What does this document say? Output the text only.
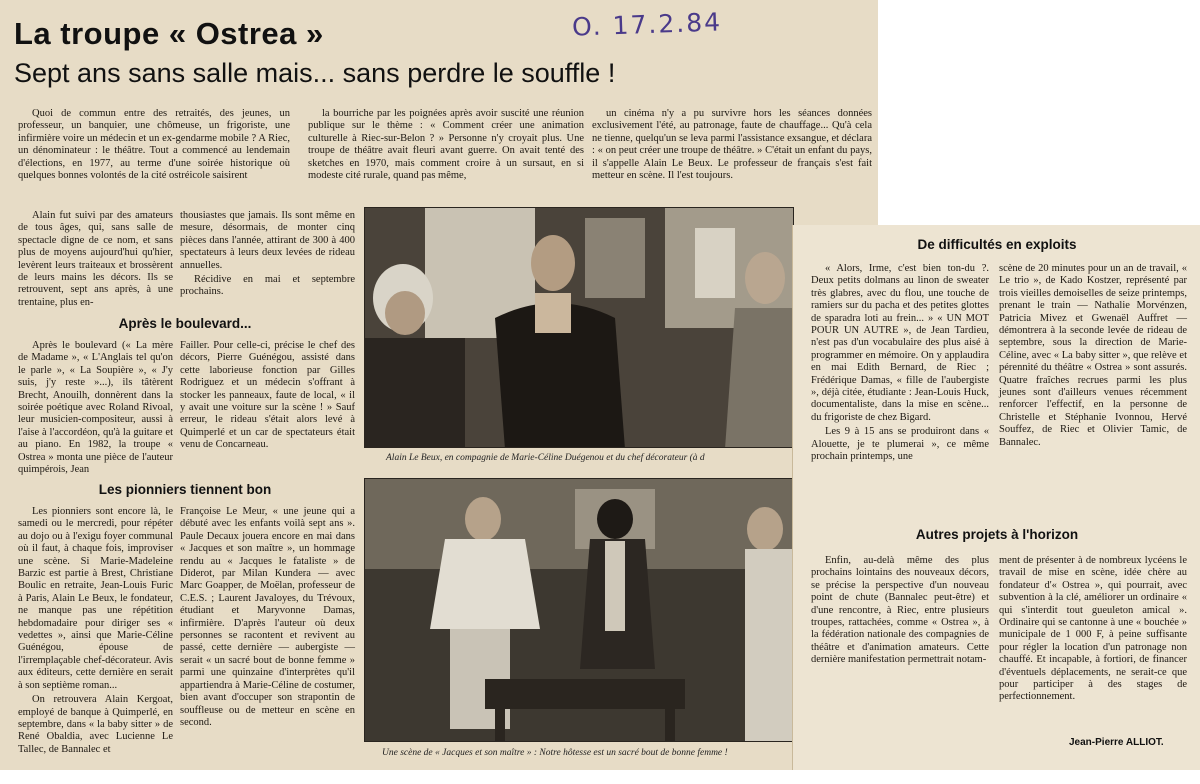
La troupe « Ostrea »
Sept ans sans salle mais... sans perdre le souffle !
O. 17.2.84

Quoi de commun entre des retraités, des jeunes, un professeur, un banquier, une chômeuse, un frigoriste, une infirmière voire un médecin et un ex-gendarme mobile ? A Riec, un dénominateur : le théâtre. Tout a commencé au lendemain d'élections, en 1977, au terme d'une soirée historique où quelques bonnes volontés de la cité ostréicole saisirent

la bourriche par les poignées après avoir suscité une réunion publique sur le thème : « Comment créer une animation culturelle à Riec-sur-Belon ? » Personne n'y croyait plus. Une troupe de théâtre avait fleuri avant guerre. On avait tenté des sketches en 1970, mais comment croire à un sursaut, en si modeste cité rurale, quand pas même,

un cinéma n'y a pu survivre hors les séances données exclusivement l'été, au patronage, faute de chauffage... Qu'à cela ne tienne, quelqu'un se leva parmi l'assistance exsangue, et déclara : « on peut créer une troupe de théâtre. » C'était un enfant du pays, il s'appelle Alain Le Beux. Le professeur de français s'est fait metteur en scène. Il l'est toujours.

Alain fut suivi par des amateurs de tous âges, qui, sans salle de spectacle digne de ce nom, et sans plus de moyens aujourd'hui qu'hier, levèrent leurs traiteaux et brossèrent de leurs mains les décors. Ils se retrouvent, sept ans après, à une trentaine, plus en-

thousiastes que jamais. Ils sont même en mesure, désormais, de monter cinq pièces dans l'année, attirant de 300 à 400 spectateurs à leurs deux levées de rideau annuelles.

Récidive en mai et septembre prochains.

Après le boulevard...

Après le boulevard (« La mère de Madame », « L'Anglais tel qu'on le parle », « La Soupière », « J'y suis, j'y reste »...), ils tâtèrent Brecht, Anouilh, donnèrent dans la soirée poétique avec Roland Rivoal, leur musicien-compositeur, aussi à l'aise à l'accordéon, qu'à la guitare et au piano. En 1982, la troupe « Ostrea » monta une pièce de l'auteur quimpérois, Jean

Failler. Pour celle-ci, précise le chef des décors, Pierre Guénégou, assisté dans cette laborieuse fonction par Gilles Rodriguez et un médecin s'offrant à stocker les panneaux, faute de local, « il y avait une voiture sur la scène ! » Sauf erreur, le rideau s'était alors levé à Quimperlé et un car de spectateurs était venu de Concarneau.

Les pionniers tiennent bon

Les pionniers sont encore là, le samedi ou le mercredi, pour répéter au dojo ou à l'exigu foyer communal où il faut, à chaque fois, improviser une scène. Si Marie-Madeleine Barzic est partie à Brest, Christiane Boulic en retraite, Jean-Louis Furic à Paris, Alain Le Beux, le fondateur, ne manque pas une répétition hebdomadaire pour diriger ses « vedettes », ainsi que Marie-Céline Guénégou, épouse de l'irremplaçable chef-décorateur. Avis aux éditeurs, cette dernière en serait à son septième roman...

On retrouvera Alain Kergoat, employé de banque à Quimperlé, en septembre, dans « la baby sitter » de René Obaldia, avec Lucienne Le Tallec, de Bannalec et

Françoise Le Meur, « une jeune qui a débuté avec les enfants voilà sept ans ». Paule Decaux jouera encore en mai dans « Jacques et son maître », un hommage rendu au « Jacques le fataliste » de Diderot, par Milan Kundera — avec Marc Goapper, de Moëlan, professeur de C.E.S. ; Laurent Javaloyes, du Trévoux, étudiant et Maryvonne Damas, infirmière. D'après l'auteur où deux personnes se racontent et revivent au passé, cette dernière — aubergiste — serait « un sacré bout de bonne femme » parmi une quinzaine d'interprètes qu'il appartiendra à Marie-Céline de costumer, bien avant d'occuper son strapontin de souffleuse ou de metteur en scène en second.

Alain Le Beux, en compagnie de Marie-Céline Duégenou et du chef décorateur (à d
Une scène de « Jacques et son maître » : Notre hôtesse est un sacré bout de bonne femme !
De difficultés en exploits

« Alors, Irme, c'est bien ton-du ?. Deux petits dolmans au linon de sweater très glabres, avec du flou, une touche de ramiers sur du pacha et des petites glottes de sparadra loti au frein... » « UN MOT POUR UN AUTRE », de Jean Tardieu, n'est pas d'un vocabulaire des plus aisé à programmer en mémoire. On y applaudira en mai Edith Bernard, de Riec ; Frédérique Damas, « fille de l'aubergiste », déjà citée, étudiante : Jean-Louis Huck, documentaliste, dans la mise en scène... du frigoriste de chez Bigard.

Les 9 à 15 ans se produiront dans « Alouette, je te plumerai », ce même prochain printemps, une

scène de 20 minutes pour un an de travail, « Le trio », de Kado Kostzer, représenté par trois vieilles demoiselles de seize printemps, prenant le train — Nathalie Morvénzen, Patricia Mivez et Gwenaël Auffret — démontrera à la seconde levée de rideau de septembre, sous la direction de Marie-Céline, avec « La baby sitter », que relève et pérennité du théâtre « Ostrea » sont assurés. Quatre fraîches recrues parmi les plus jeunes sont d'ailleurs venues récemment renforcer l'effectif, en la personne de Christelle et Stéphanie Ivonnou, Hervé Souffez, de Riec et Olivier Tamic, de Bannalec.

Autres projets à l'horizon

Enfin, au-delà même des plus prochains lointains des nouveaux décors, se précise la perspective d'un nouveau point de chute (Bannalec peut-être) et d'une rencontre, à Riec, entre plusieurs troupes, rattachées, comme « Ostrea », à la fédération nationale des compagnies de théâtre et d'animation amateurs. Cette dernière manifestation permettrait notam-

ment de présenter à de nombreux lycéens le travail de mise en scène, idée chère au fondateur d'« Ostrea », qui pourrait, avec subvention à la clé, améliorer un ordinaire « qui s'interdit tout gueuleton amical ». Ordinaire qui se cantonne à une « bouchée » municipale de 1 000 F, à peine suffisante pour régler la location d'un patronage non chauffé. Et incapable, à fortiori, de financer d'éventuels déplacements, ne serait-ce que pour participer à des stages de perfectionnement.

Jean-Pierre ALLIOT.
